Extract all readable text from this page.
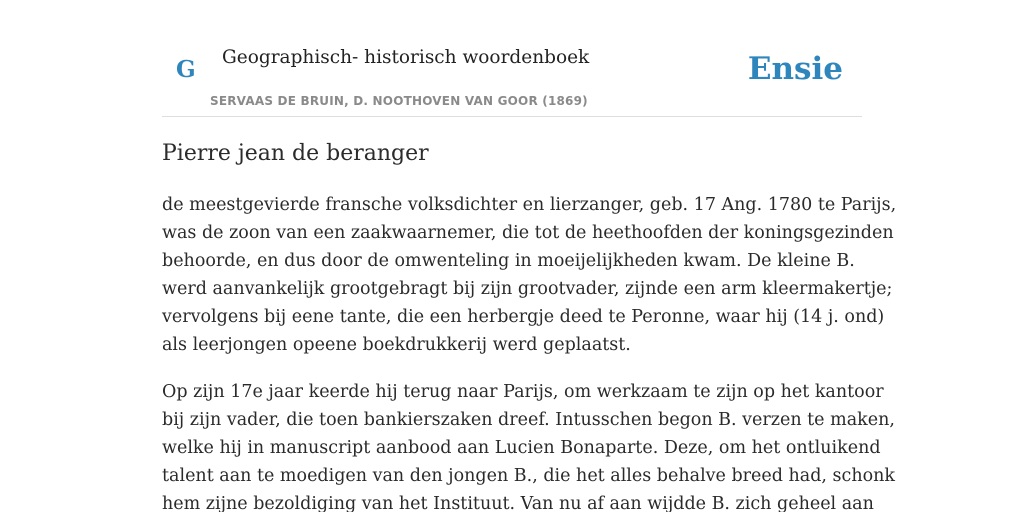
G Geographisch- historisch woordenboek
SERVAAS DE BRUIN, D. NOOTHOVEN VAN GOOR (1869)
Ensie
Pierre jean de beranger

de meestgevierde fransche volksdichter en lierzanger, geb. 17 Ang. 1780 te Parijs,
was de zoon van een zaakwaarnemer, die tot de heethoofden der koningsgezinden
behoorde, en dus door de omwenteling in moeijelijkheden kwam. De kleine B.
werd aanvankelijk grootgebragt bij zijn grootvader, zijnde een arm kleermakertje;
vervolgens bij eene tante, die een herbergje deed te Peronne, waar hij (14 j. ond)
als leerjongen opeene boekdrukkerij werd geplaatst.

Op zijn 17e jaar keerde hij terug naar Parijs, om werkzaam te zijn op het kantoor
bij zijn vader, die toen bankierszaken dreef. Intusschen begon B. verzen te maken,
welke hij in manuscript aanbood aan Lucien Bonaparte. Deze, om het ontluikend
talent aan te moedigen van den jongen B., die het alles behalve breed had, schonk
hem zijne bezoldiging van het Instituut. Van nu af aan wijdde B. zich geheel aan
